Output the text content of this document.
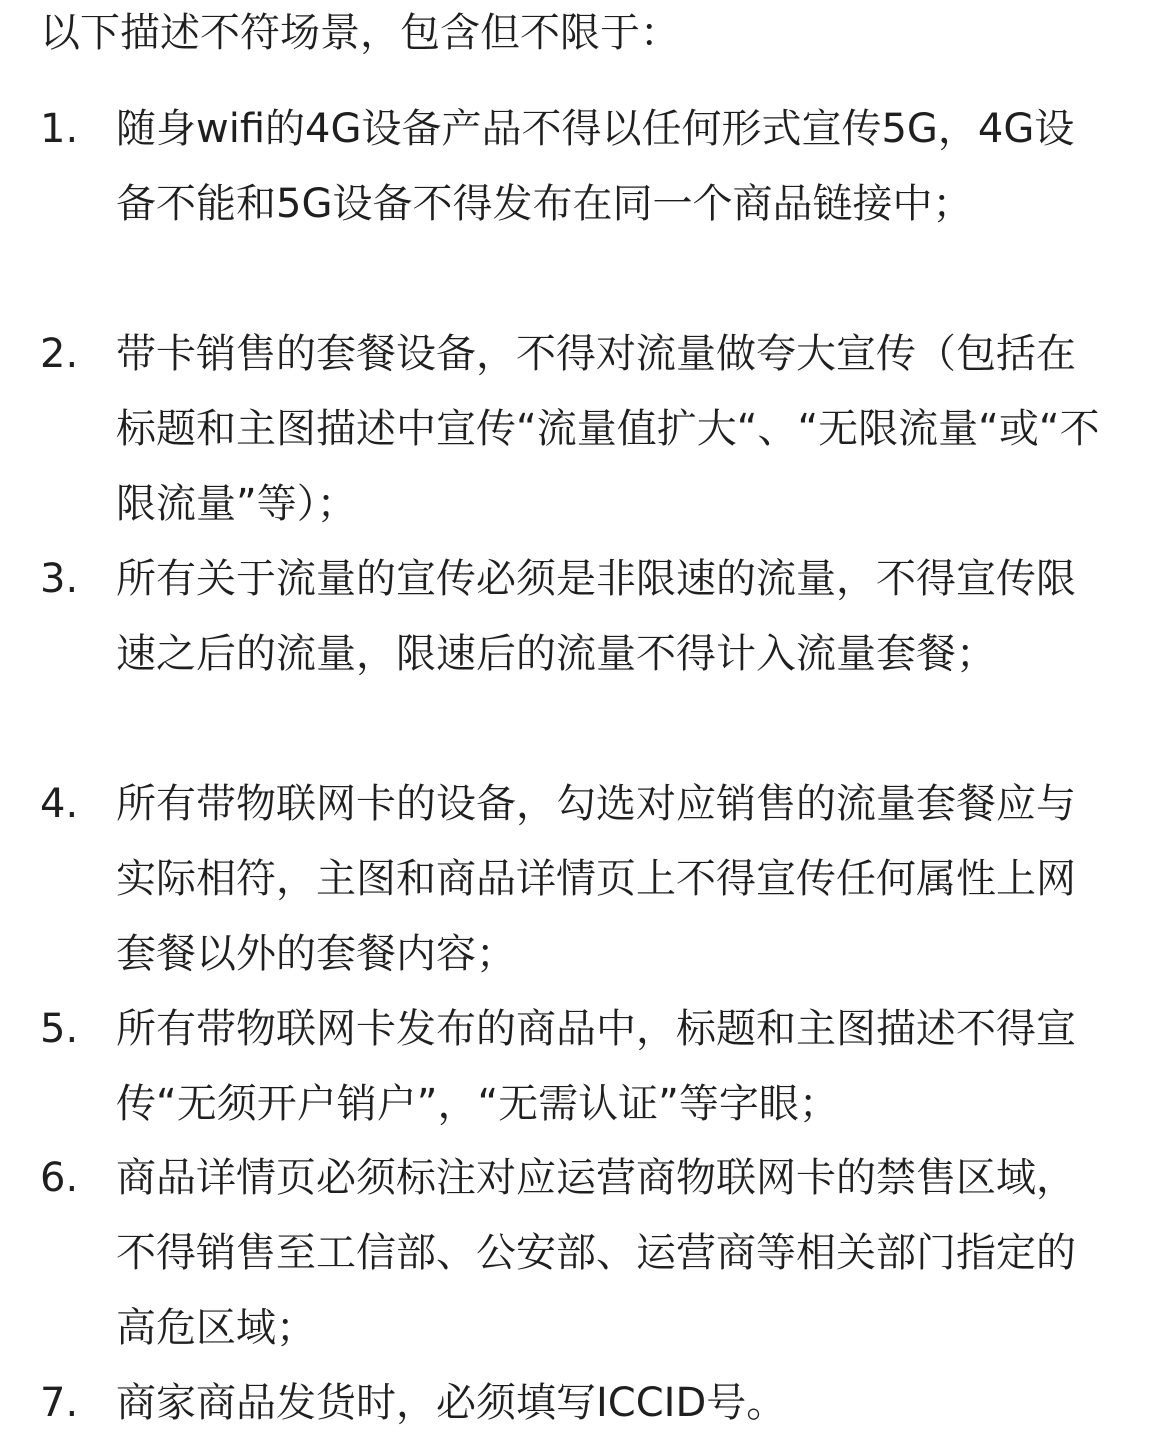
以下描述不符场景，包含但不限于：

1. 随身wifi的4G设备产品不得以任何形式宣传5G，4G设备不能和5G设备不得发布在同一个商品链接中；
2. 带卡销售的套餐设备，不得对流量做夸大宣传（包括在标题和主图描述中宣传“流量值扩大“、“无限流量“或“不限流量”等）；
3. 所有关于流量的宣传必须是非限速的流量，不得宣传限速之后的流量，限速后的流量不得计入流量套餐；
4. 所有带物联网卡的设备，勾选对应销售的流量套餐应与实际相符，主图和商品详情页上不得宣传任何属性上网套餐以外的套餐内容；
5. 所有带物联网卡发布的商品中，标题和主图描述不得宣传“无须开户销户”，“无需认证”等字眼；
6. 商品详情页必须标注对应运营商物联网卡的禁售区域，不得销售至工信部、公安部、运营商等相关部门指定的高危区域；
7. 商家商品发货时，必须填写ICCID号。
